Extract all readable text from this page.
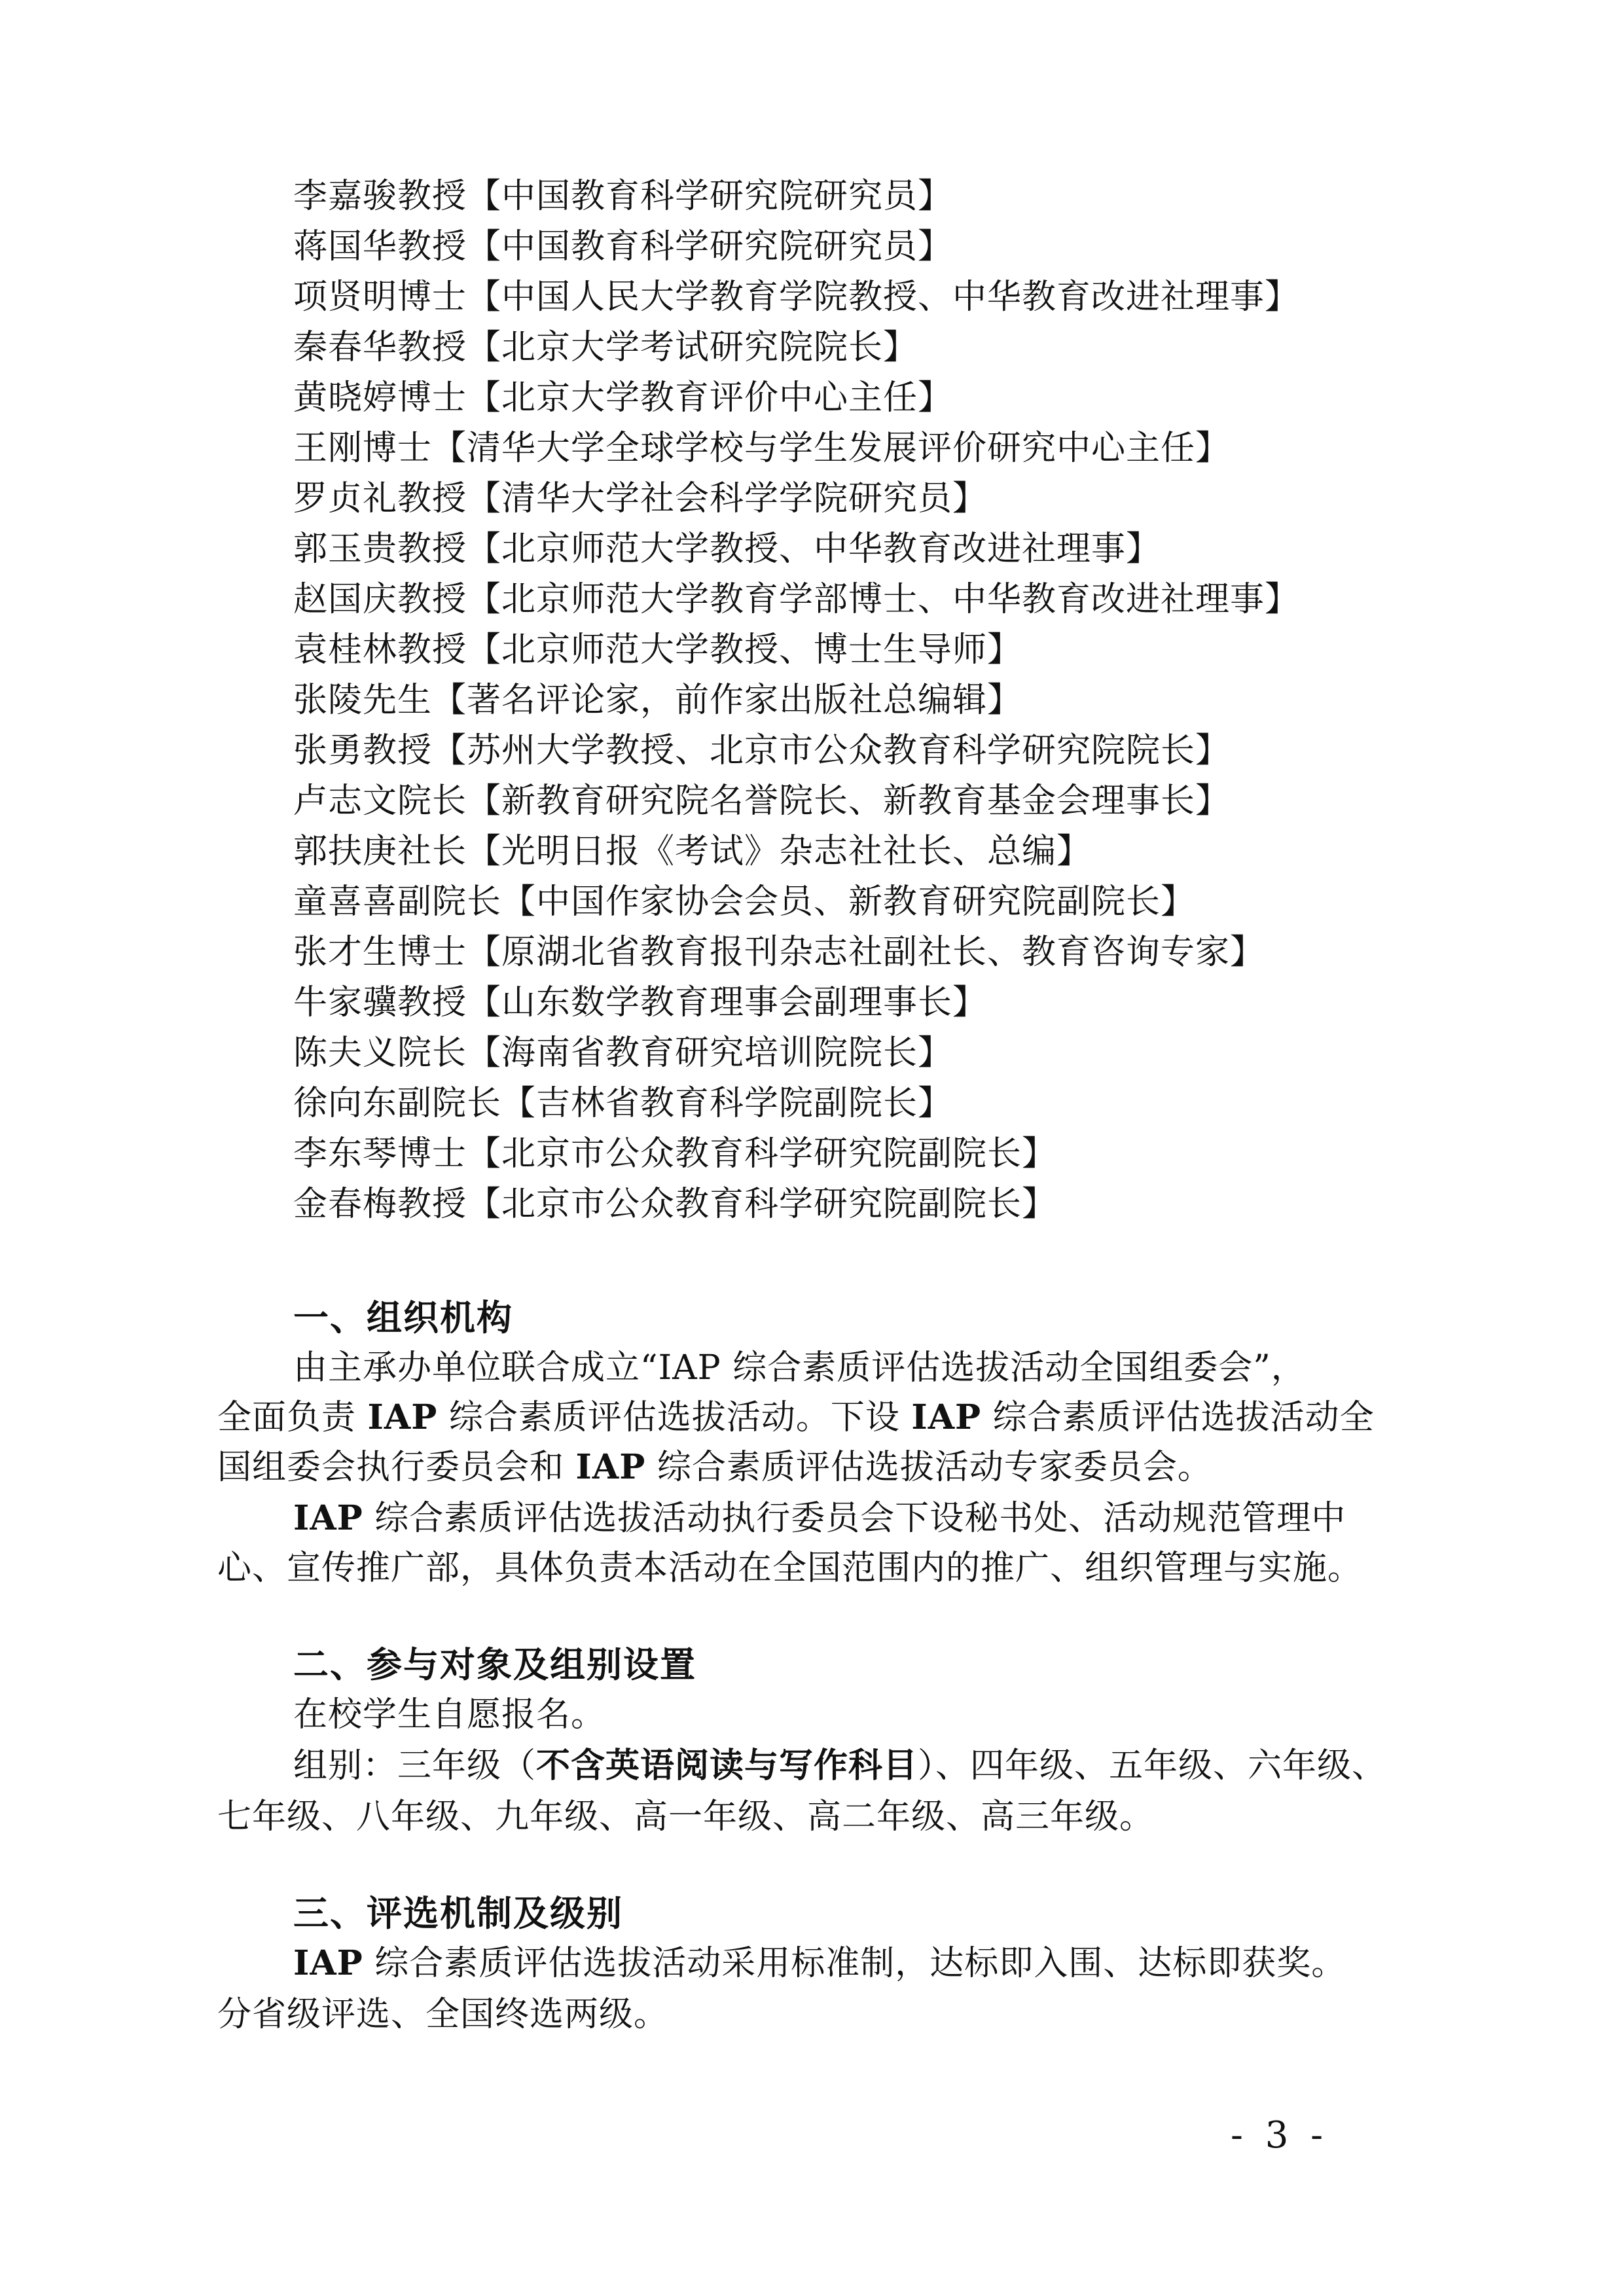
李嘉骏教授【中国教育科学研究院研究员】
蒋国华教授【中国教育科学研究院研究员】
项贤明博士【中国人民大学教育学院教授、中华教育改进社理事】
秦春华教授【北京大学考试研究院院长】
黄晓婷博士【北京大学教育评价中心主任】
王刚博士【清华大学全球学校与学生发展评价研究中心主任】
罗贞礼教授【清华大学社会科学学院研究员】
郭玉贵教授【北京师范大学教授、中华教育改进社理事】
赵国庆教授【北京师范大学教育学部博士、中华教育改进社理事】
袁桂林教授【北京师范大学教授、博士生导师】
张陵先生【著名评论家，前作家出版社总编辑】
张勇教授【苏州大学教授、北京市公众教育科学研究院院长】
卢志文院长【新教育研究院名誉院长、新教育基金会理事长】
郭扶庚社长【光明日报《考试》杂志社社长、总编】
童喜喜副院长【中国作家协会会员、新教育研究院副院长】
张才生博士【原湖北省教育报刊杂志社副社长、教育咨询专家】
牛家骥教授【山东数学教育理事会副理事长】
陈夫义院长【海南省教育研究培训院院长】
徐向东副院长【吉林省教育科学院副院长】
李东琴博士【北京市公众教育科学研究院副院长】
金春梅教授【北京市公众教育科学研究院副院长】
一、组织机构
由主承办单位联合成立“IAP 综合素质评估选拔活动全国组委会”，
全面负责 IAP 综合素质评估选拔活动。下设 IAP 综合素质评估选拔活动全
国组委会执行委员会和 IAP 综合素质评估选拔活动专家委员会。
IAP 综合素质评估选拔活动执行委员会下设秘书处、活动规范管理中
心、宣传推广部，具体负责本活动在全国范围内的推广、组织管理与实施。
二、参与对象及组别设置
在校学生自愿报名。
组别：三年级（不含英语阅读与写作科目）、四年级、五年级、六年级、
七年级、八年级、九年级、高一年级、高二年级、高三年级。
三、评选机制及级别
IAP 综合素质评估选拔活动采用标准制，达标即入围、达标即获奖。
分省级评选、全国终选两级。
- 3 -
